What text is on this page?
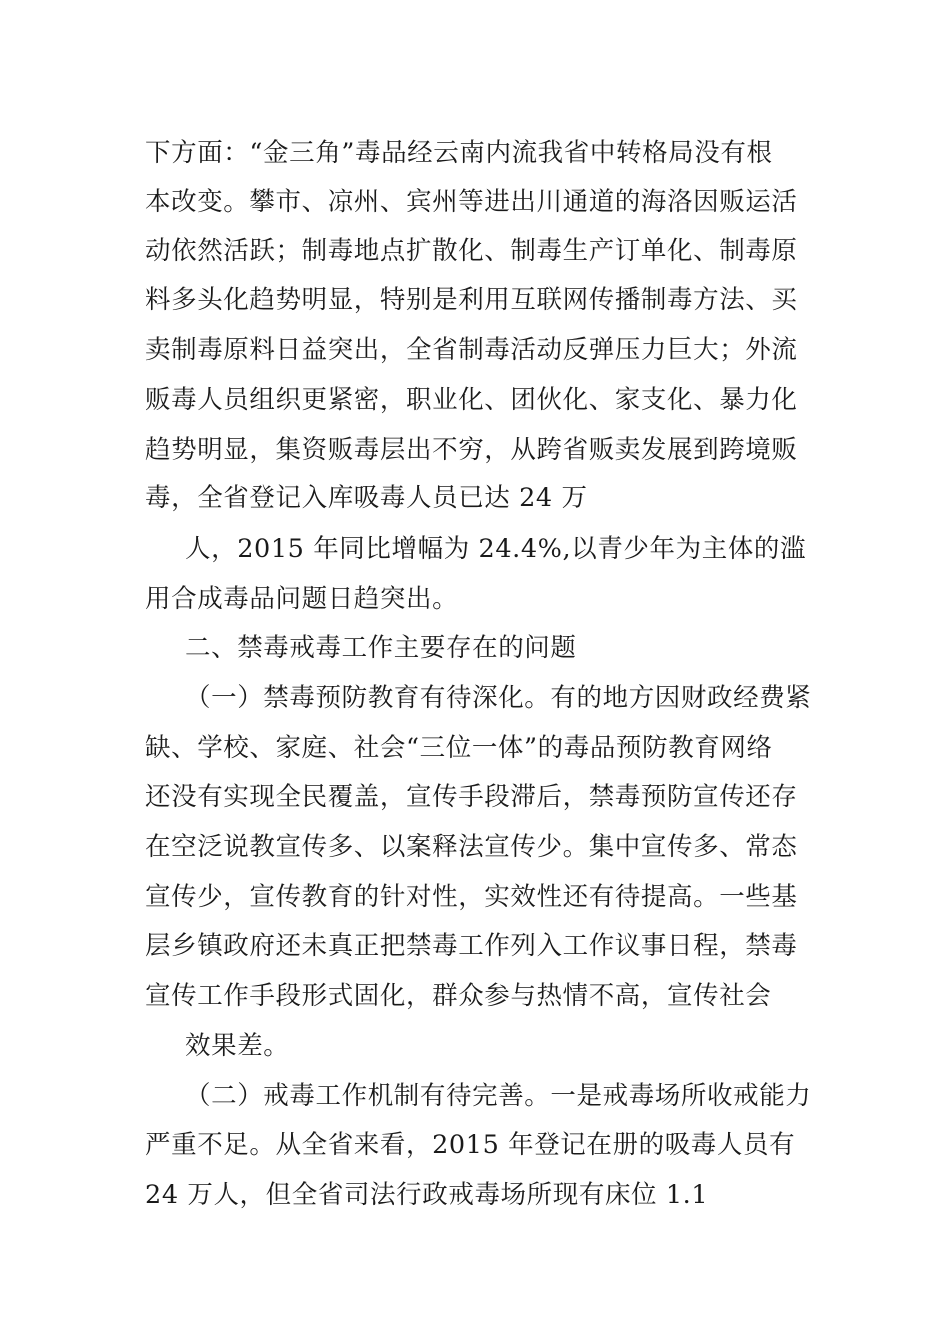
下方面：“金三角”毒品经云南内流我省中转格局没有根
本改变。攀市、凉州、宾州等进出川通道的海洛因贩运活
动依然活跃；制毒地点扩散化、制毒生产订单化、制毒原
料多头化趋势明显，特别是利用互联网传播制毒方法、买
卖制毒原料日益突出，全省制毒活动反弹压力巨大；外流
贩毒人员组织更紧密，职业化、团伙化、家支化、暴力化
趋势明显，集资贩毒层出不穷，从跨省贩卖发展到跨境贩
毒，全省登记入库吸毒人员已达 24 万
人，2015 年同比增幅为 24.4%,以青少年为主体的滥
用合成毒品问题日趋突出。
二、禁毒戒毒工作主要存在的问题
（一）禁毒预防教育有待深化。有的地方因财政经费紧
缺、学校、家庭、社会“三位一体”的毒品预防教育网络
还没有实现全民覆盖，宣传手段滞后，禁毒预防宣传还存
在空泛说教宣传多、以案释法宣传少。集中宣传多、常态
宣传少，宣传教育的针对性，实效性还有待提高。一些基
层乡镇政府还未真正把禁毒工作列入工作议事日程，禁毒
宣传工作手段形式固化，群众参与热情不高，宣传社会
效果差。
（二）戒毒工作机制有待完善。一是戒毒场所收戒能力
严重不足。从全省来看，2015 年登记在册的吸毒人员有
24 万人，但全省司法行政戒毒场所现有床位 1.1
